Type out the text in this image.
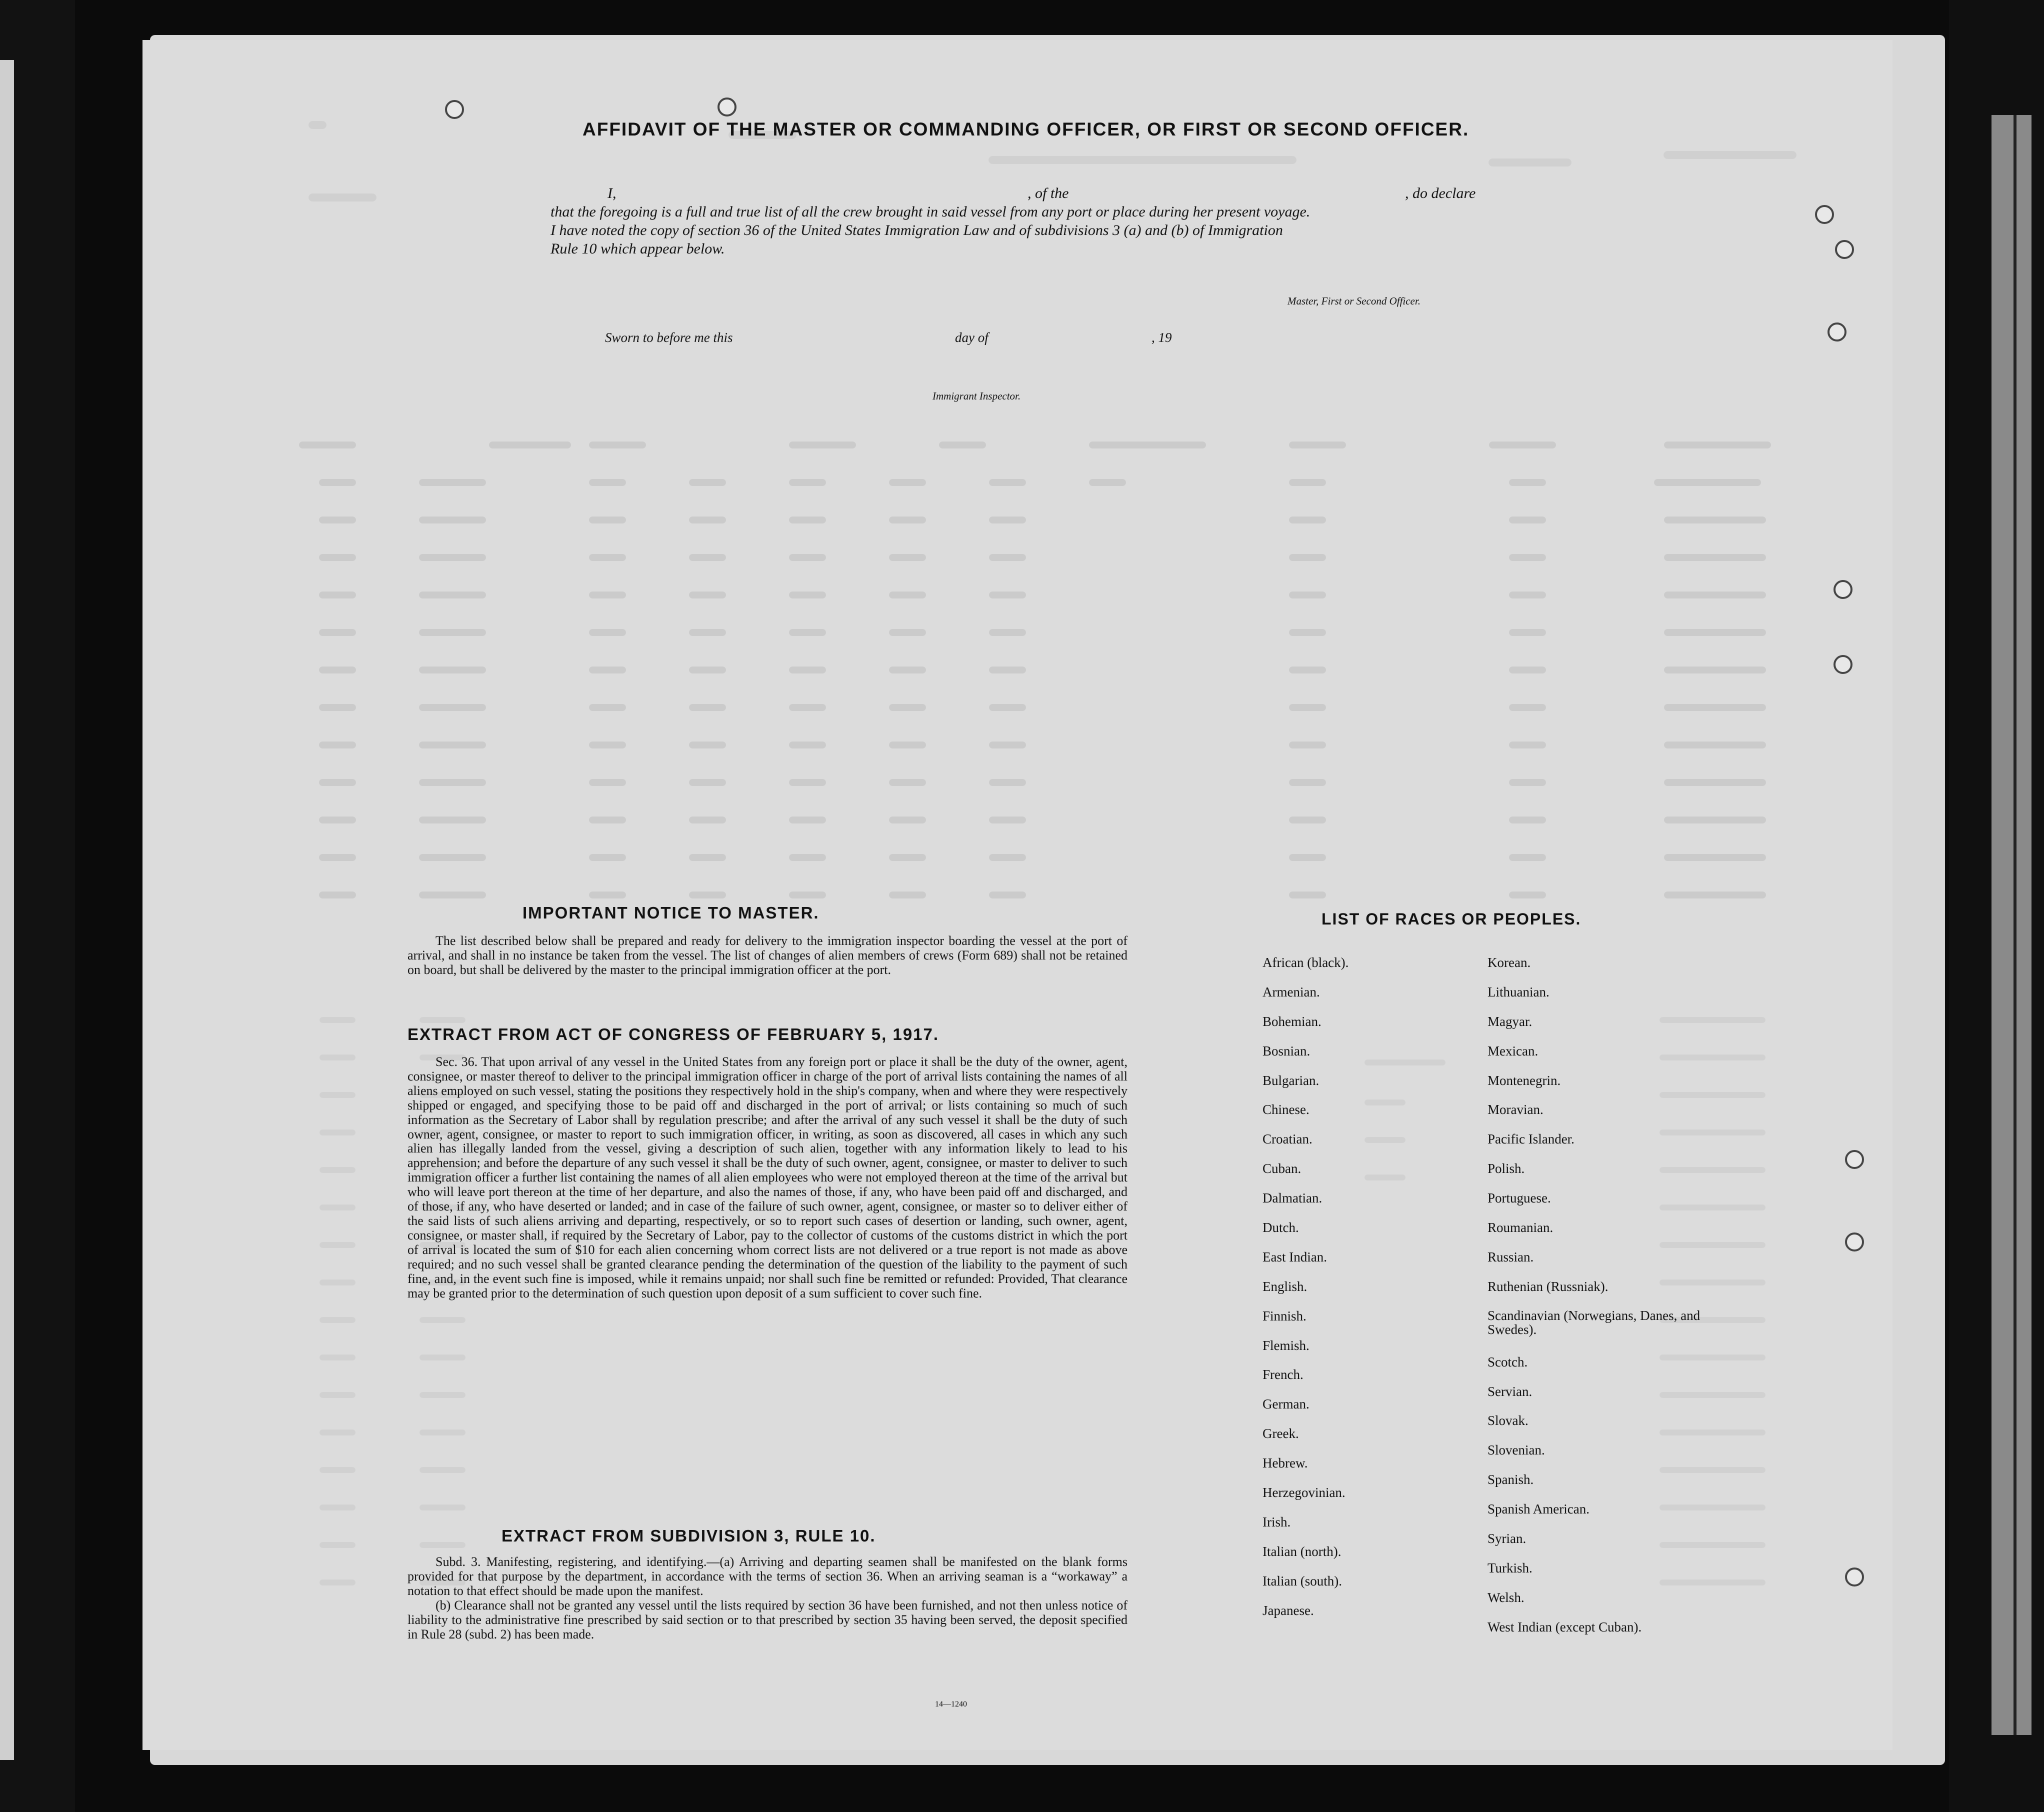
AFFIDAVIT OF THE MASTER OR COMMANDING OFFICER, OR FIRST OR SECOND OFFICER.
I,	, of the	, do declare
that the foregoing is a full and true list of all the crew brought in said vessel from any port or place during her present voyage.
I have noted the copy of section 36 of the United States Immigration Law and of subdivisions 3 (a) and (b) of Immigration
Rule 10 which appear below.
Master, First or Second Officer.
Sworn to before me this	day of	, 19
Immigrant Inspector.
IMPORTANT NOTICE TO MASTER.

The list described below shall be prepared and ready for delivery to the immigration inspector boarding the vessel at the port of arrival, and shall in no instance be taken from the vessel. The list of changes of alien members of crews (Form 689) shall not be retained on board, but shall be delivered by the master to the principal immigration officer at the port.

EXTRACT FROM ACT OF CONGRESS OF FEBRUARY 5, 1917.

Sec. 36. That upon arrival of any vessel in the United States from any foreign port or place it shall be the duty of the owner, agent, consignee, or master thereof to deliver to the principal immigration officer in charge of the port of arrival lists containing the names of all aliens employed on such vessel, stating the positions they respectively hold in the ship's company, when and where they were respectively shipped or engaged, and specifying those to be paid off and discharged in the port of arrival; or lists containing so much of such information as the Secretary of Labor shall by regulation prescribe; and after the arrival of any such vessel it shall be the duty of such owner, agent, consignee, or master to report to such immigration officer, in writing, as soon as discovered, all cases in which any such alien has illegally landed from the vessel, giving a description of such alien, together with any information likely to lead to his apprehension; and before the departure of any such vessel it shall be the duty of such owner, agent, consignee, or master to deliver to such immigration officer a further list containing the names of all alien employees who were not employed thereon at the time of the arrival but who will leave port thereon at the time of her departure, and also the names of those, if any, who have been paid off and discharged, and of those, if any, who have deserted or landed; and in case of the failure of such owner, agent, consignee, or master so to deliver either of the said lists of such aliens arriving and departing, respectively, or so to report such cases of desertion or landing, such owner, agent, consignee, or master shall, if required by the Secretary of Labor, pay to the collector of customs of the customs district in which the port of arrival is located the sum of $10 for each alien concerning whom correct lists are not delivered or a true report is not made as above required; and no such vessel shall be granted clearance pending the determination of the question of the liability to the payment of such fine, and, in the event such fine is imposed, while it remains unpaid; nor shall such fine be remitted or refunded: Provided, That clearance may be granted prior to the determination of such question upon deposit of a sum sufficient to cover such fine.

EXTRACT FROM SUBDIVISION 3, RULE 10.

Subd. 3. Manifesting, registering, and identifying.—(a) Arriving and departing seamen shall be manifested on the blank forms provided for that purpose by the department, in accordance with the terms of section 36. When an arriving seaman is a “workaway” a notation to that effect should be made upon the manifest.

(b) Clearance shall not be granted any vessel until the lists required by section 36 have been furnished, and not then unless notice of liability to the administrative fine prescribed by said section or to that prescribed by section 35 having been served, the deposit specified in Rule 28 (subd. 2) has been made.

14—1240
LIST OF RACES OR PEOPLES.
African (black).
Armenian.
Bohemian.
Bosnian.
Bulgarian.
Chinese.
Croatian.
Cuban.
Dalmatian.
Dutch.
East Indian.
English.
Finnish.
Flemish.
French.
German.
Greek.
Hebrew.
Herzegovinian.
Irish.
Italian (north).
Italian (south).
Japanese.
Korean.
Lithuanian.
Magyar.
Mexican.
Montenegrin.
Moravian.
Pacific Islander.
Polish.
Portuguese.
Roumanian.
Russian.
Ruthenian (Russniak).
Scandinavian (Norwegians, Danes, and Swedes).
Scotch.
Servian.
Slovak.
Slovenian.
Spanish.
Spanish American.
Syrian.
Turkish.
Welsh.
West Indian (except Cuban).
